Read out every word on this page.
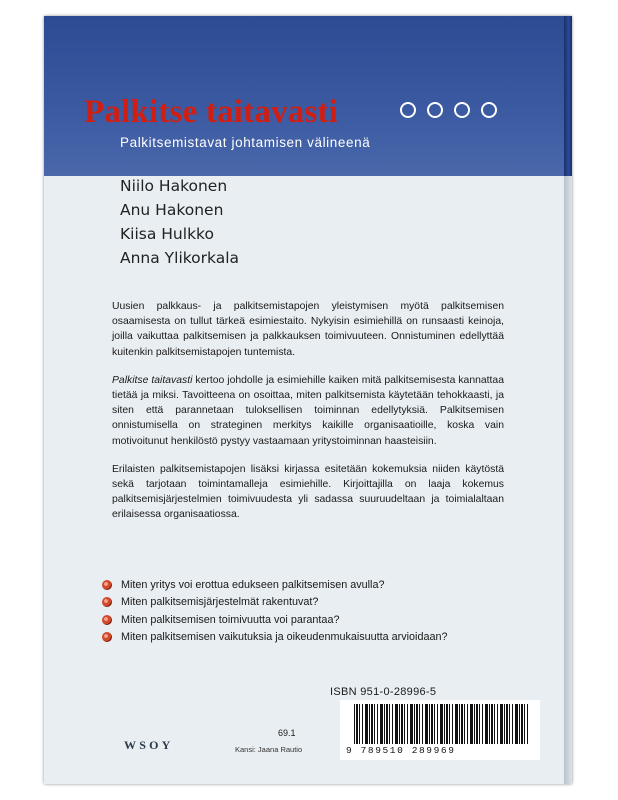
Palkitse taitavasti

Palkitsemistavat johtamisen välineenä

Niilo Hakonen
Anu Hakonen
Kiisa Hulkko
Anna Ylikorkala

Uusien palkkaus- ja palkitsemistapojen yleistymisen myötä palkitsemisen osaamisesta on tullut tärkeä esimiestaito. Nykyisin esimiehillä on runsaasti keinoja, joilla vaikuttaa palkitsemisen ja palkkauksen toimivuuteen. Onnistuminen edellyttää kuitenkin palkitsemistapojen tuntemista.

Palkitse taitavasti kertoo johdolle ja esimiehille kaiken mitä palkitsemisesta kannattaa tietää ja miksi. Tavoitteena on osoittaa, miten palkitsemista käytetään tehokkaasti, ja siten että parannetaan tuloksellisen toiminnan edellytyksiä. Palkitsemisen onnistumisella on strateginen merkitys kaikille organisaatioille, koska vain motivoitunut henkilöstö pystyy vastaamaan yritystoiminnan haasteisiin.

Erilaisten palkitsemistapojen lisäksi kirjassa esitetään kokemuksia niiden käytöstä sekä tarjotaan toimintamalleja esimiehille. Kirjoittajilla on laaja kokemus palkitsemisjärjestelmien toimivuudesta yli sadassa suuruudeltaan ja toimialaltaan erilaisessa organisaatiossa.

Miten yritys voi erottua edukseen palkitsemisen avulla?
Miten palkitsemisjärjestelmät rakentuvat?
Miten palkitsemisen toimivuutta voi parantaa?
Miten palkitsemisen vaikutuksia ja oikeudenmukaisuutta arvioidaan?

ISBN 951-0-28996-5

9 789510 289969

WSOY

69.1

Kansi: Jaana Rautio
